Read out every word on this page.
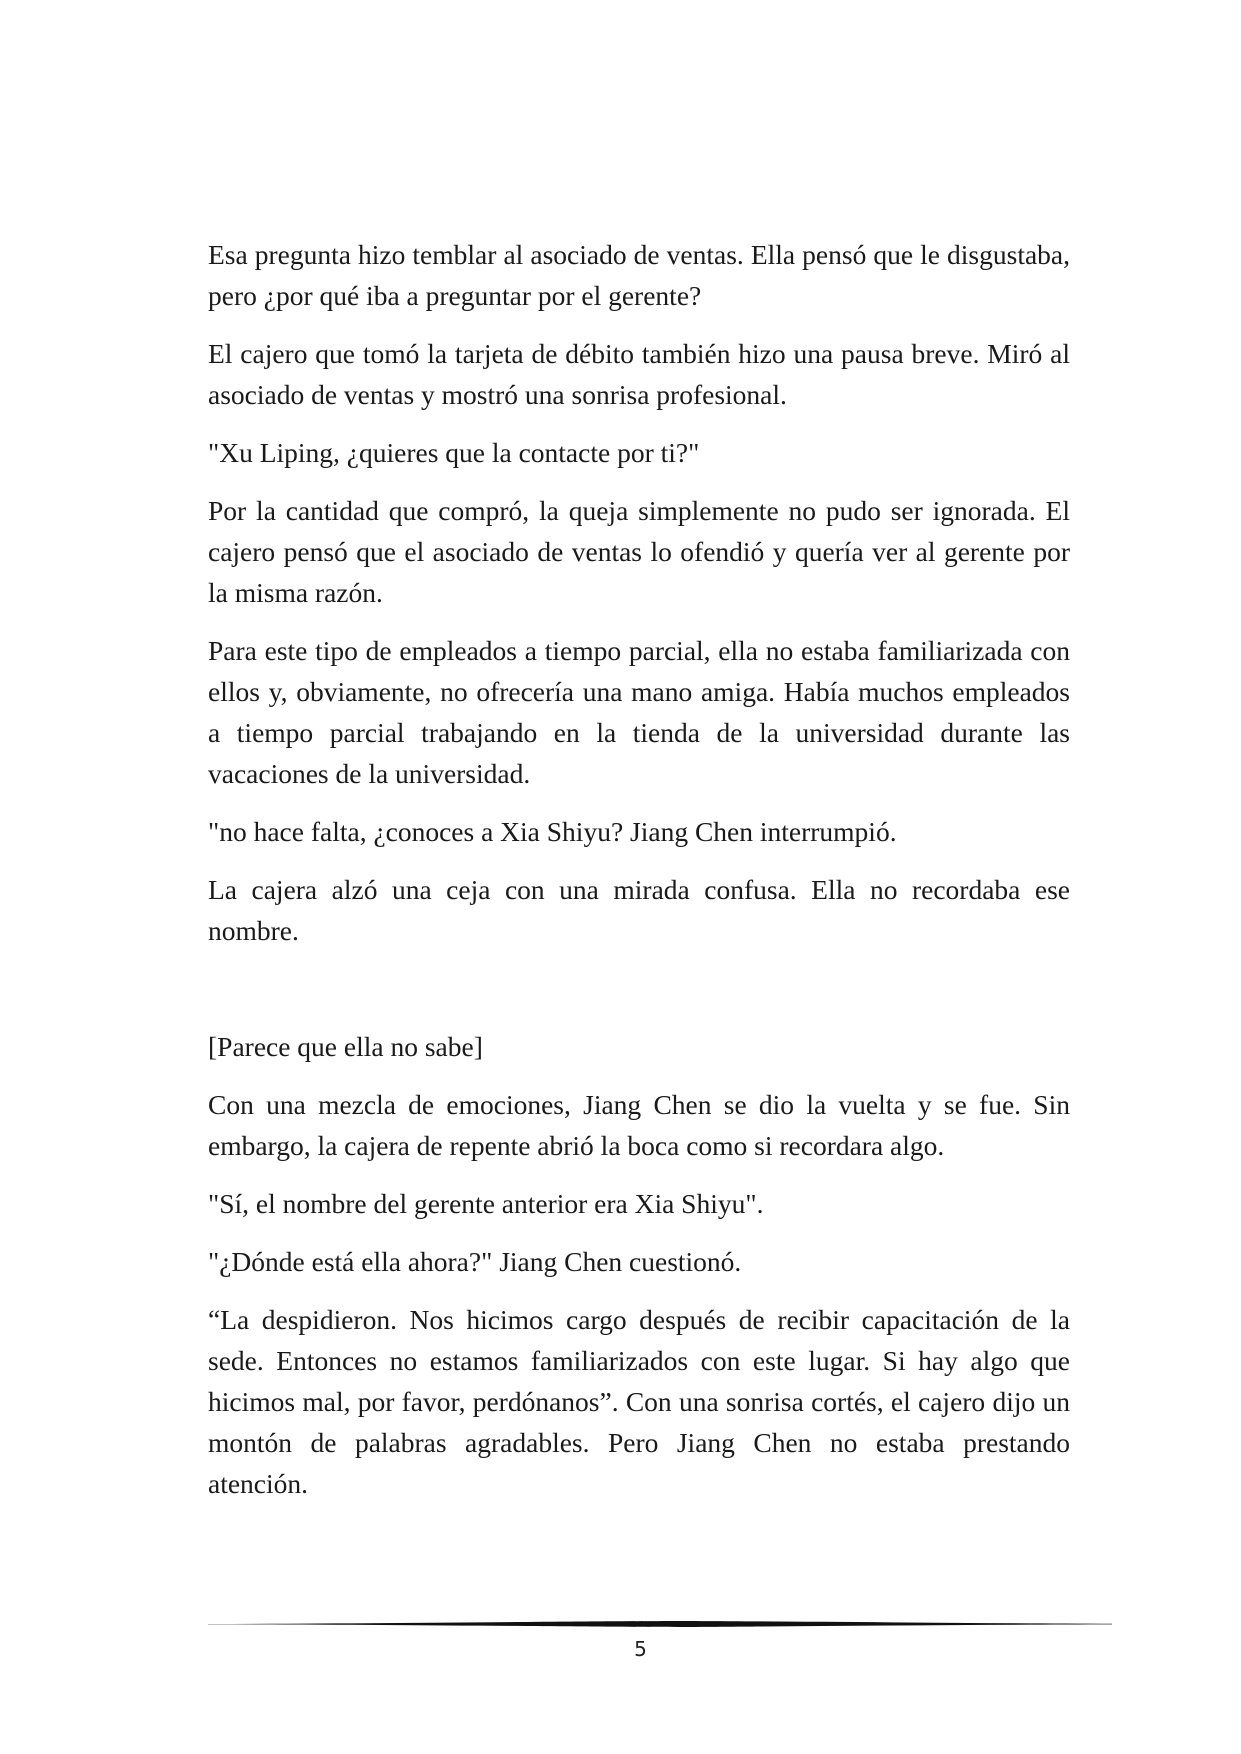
Esa pregunta hizo temblar al asociado de ventas. Ella pensó que le disgustaba, pero ¿por qué iba a preguntar por el gerente?

El cajero que tomó la tarjeta de débito también hizo una pausa breve. Miró al asociado de ventas y mostró una sonrisa profesional.

"Xu Liping, ¿quieres que la contacte por ti?"

Por la cantidad que compró, la queja simplemente no pudo ser ignorada. El cajero pensó que el asociado de ventas lo ofendió y quería ver al gerente por la misma razón.

Para este tipo de empleados a tiempo parcial, ella no estaba familiarizada con ellos y, obviamente, no ofrecería una mano amiga. Había muchos empleados a tiempo parcial trabajando en la tienda de la universidad durante las vacaciones de la universidad.

"no hace falta, ¿conoces a Xia Shiyu? Jiang Chen interrumpió.

La cajera alzó una ceja con una mirada confusa. Ella no recordaba ese nombre.

[Parece que ella no sabe]

Con una mezcla de emociones, Jiang Chen se dio la vuelta y se fue. Sin embargo, la cajera de repente abrió la boca como si recordara algo.

"Sí, el nombre del gerente anterior era Xia Shiyu".

"¿Dónde está ella ahora?" Jiang Chen cuestionó.

“La despidieron. Nos hicimos cargo después de recibir capacitación de la sede. Entonces no estamos familiarizados con este lugar. Si hay algo que hicimos mal, por favor, perdónanos”. Con una sonrisa cortés, el cajero dijo un montón de palabras agradables. Pero Jiang Chen no estaba prestando atención.

5
